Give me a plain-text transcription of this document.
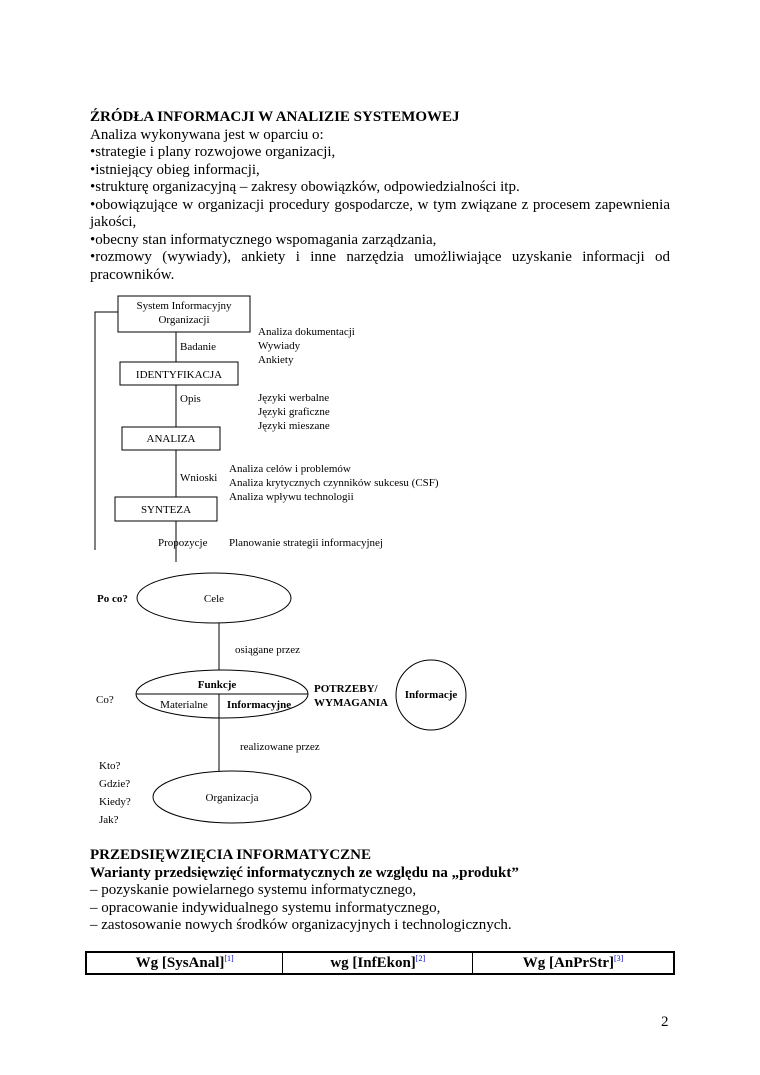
ŹRÓDŁA INFORMACJI W ANALIZIE SYSTEMOWEJ

Analiza wykonywana jest w oparciu o:

•strategie i plany rozwojowe organizacji,

•istniejący obieg informacji,

•strukturę organizacyjną – zakresy obowiązków, odpowiedzialności itp.

•obowiązujące w organizacji procedury gospodarcze, w tym związane z procesem zapewnienia jakości,

•obecny stan informatycznego wspomagania zarządzania,

•rozmowy (wywiady), ankiety i inne narzędzia umożliwiające uzyskanie informacji od pracowników.

System Informacyjny
Organizacji
IDENTYFIKACJA
ANALIZA
SYNTEZA
Badanie
Opis
Wnioski
Propozycje
Analiza dokumentacji
Wywiady
Ankiety
Języki werbalne
Języki graficzne
Języki mieszane
Analiza celów i problemów
Analiza krytycznych czynników sukcesu (CSF)
Analiza wpływu technologii
Planowanie strategii informacyjnej
Po co?	Cele
osiągane przez
Co?
Funkcje
Materialne Informacyjne
POTRZEBY/
WYMAGANIA
Informacje
realizowane przez
Kto?
Gdzie?
Kiedy?
Jak?
Organizacja

PRZEDSIĘWZIĘCIA INFORMATYCZNE

Warianty przedsięwzięć informatycznych ze względu na „produkt”

– pozyskanie powielarnego systemu informatycznego,

– opracowanie indywidualnego systemu informatycznego,

– zastosowanie nowych środków organizacyjnych i technologicznych.

Wg [SysAnal][1]	wg [InfEkon][2]	Wg [AnPrStr][3]
2
